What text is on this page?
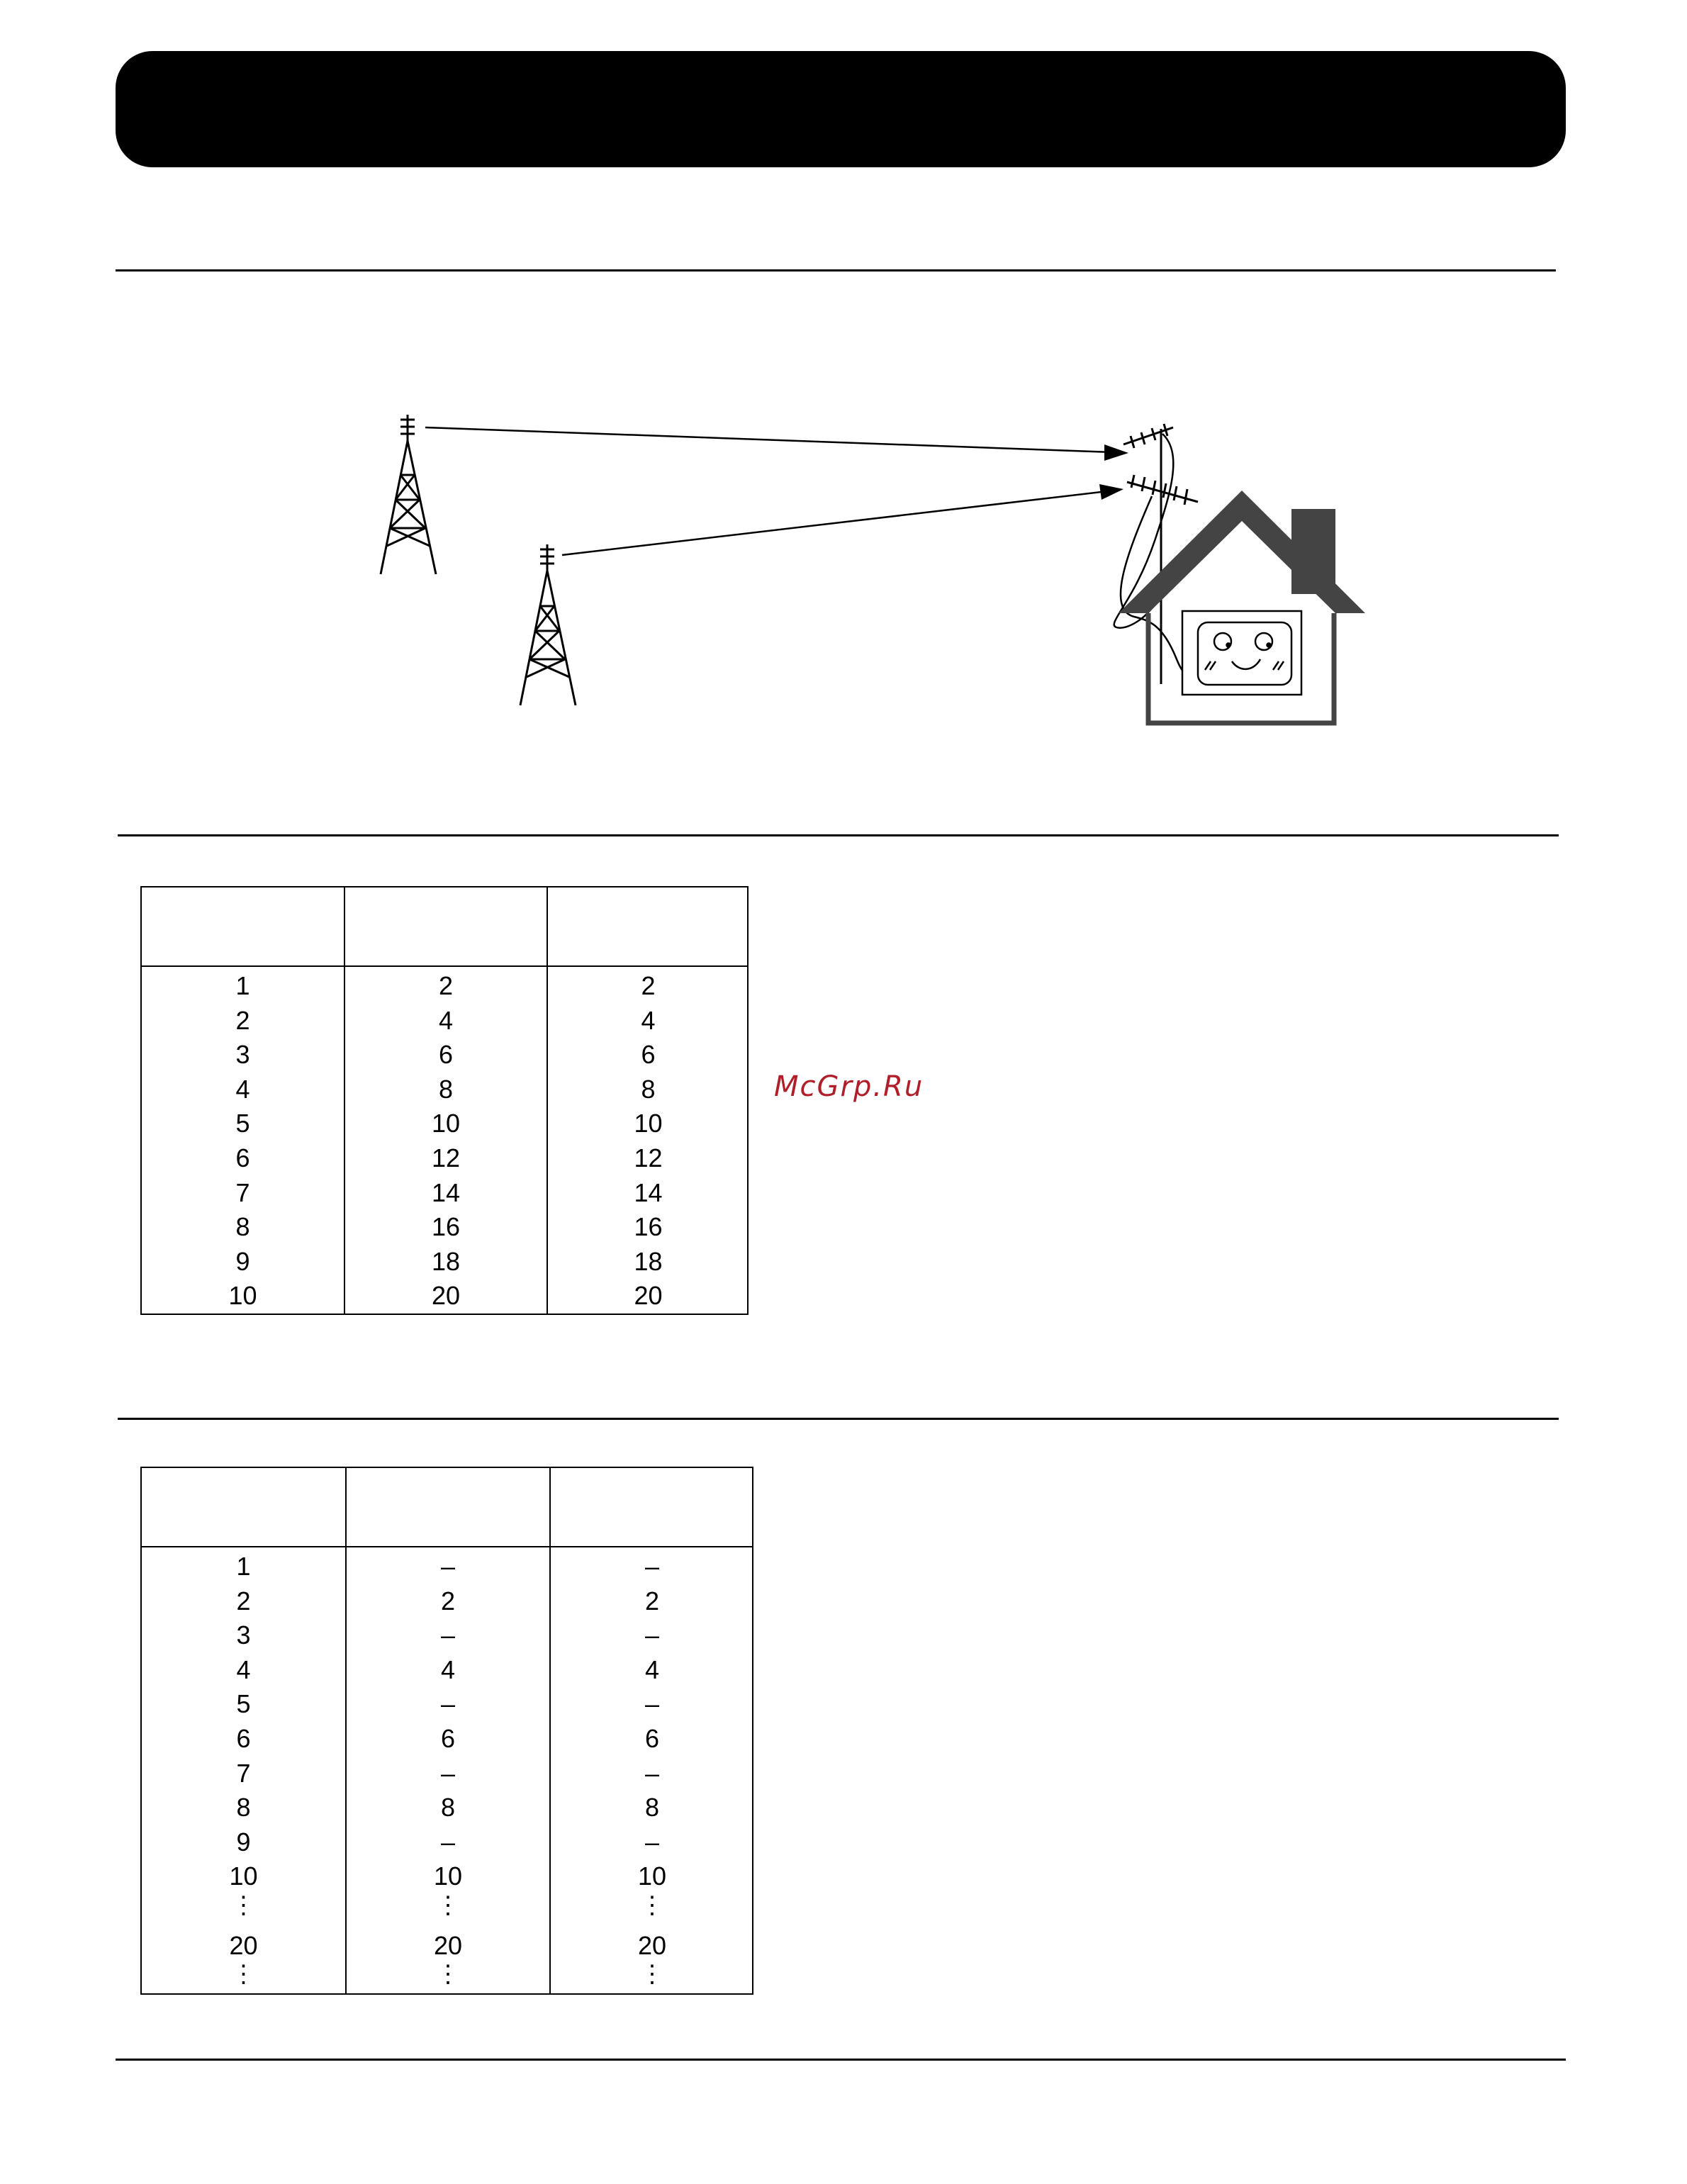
1	2	2
2	4	4
3	6	6
4	8	8
5	10	10
6	12	12
7	14	14
8	16	16
9	18	18
10	20	20
McGrp.Ru
1	–	–
2	2	2
3	–	–
4	4	4
5	–	–
6	6	6
7	–	–
8	8	8
9	–	–
10	10	10
⋮	⋮	⋮
20	20	20
⋮	⋮	⋮
